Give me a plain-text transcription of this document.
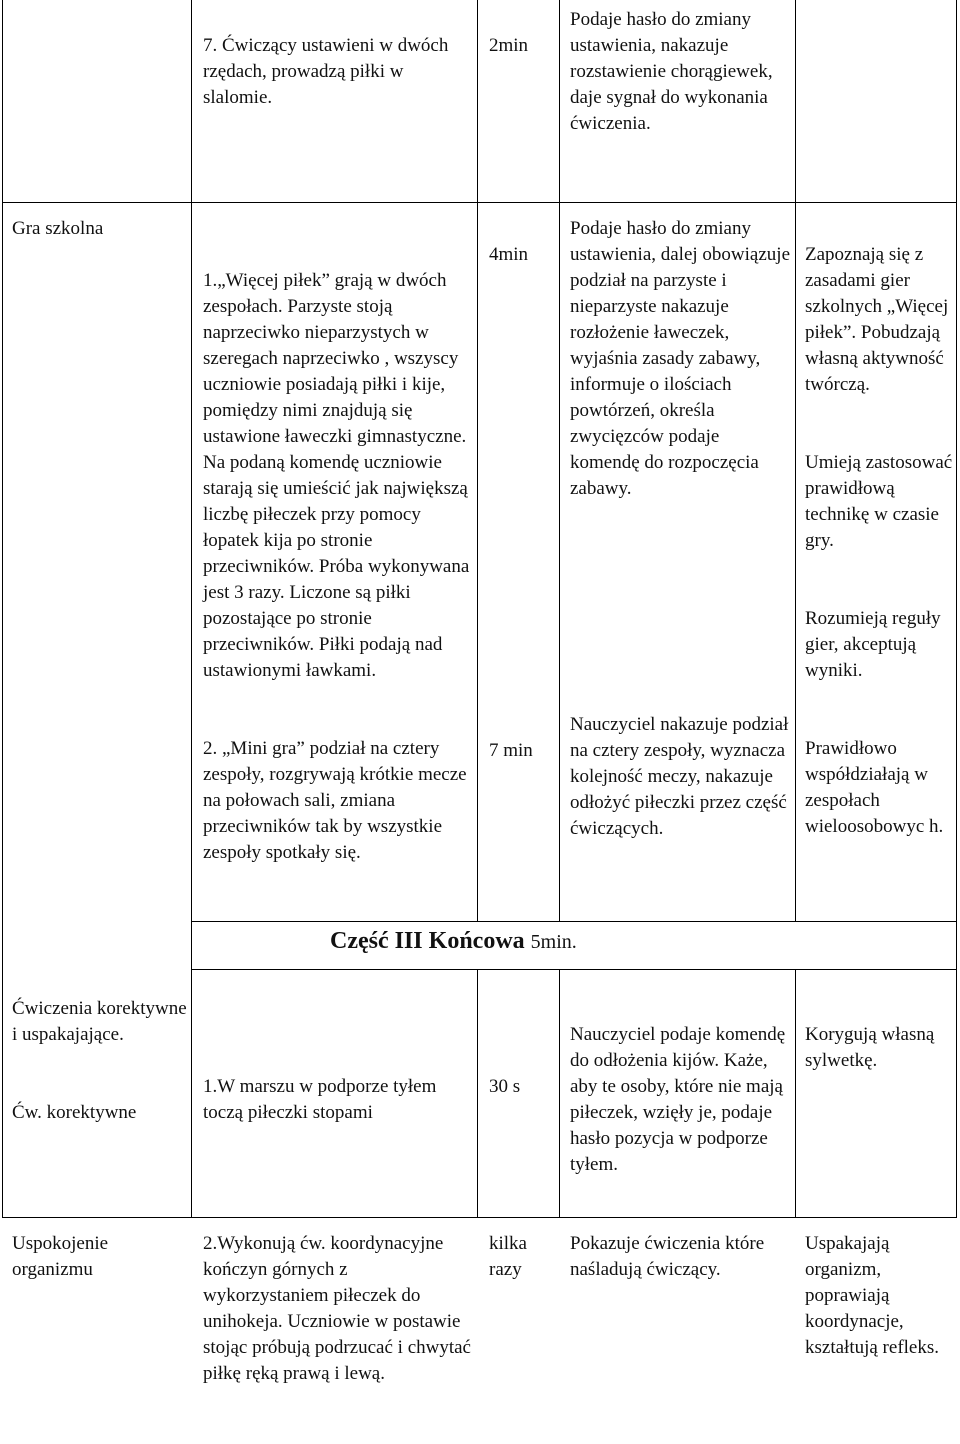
7. Ćwiczący ustawieni w dwóch rzędach, prowadzą piłki w slalomie.

2min

Podaje hasło do zmiany ustawienia, nakazuje rozstawienie chorągiewek, daje sygnał do wykonania ćwiczenia.

Gra szkolna

1.„Więcej piłek” grają w dwóch zespołach. Parzyste stoją naprzeciwko nieparzystych w szeregach naprzeciwko , wszyscy uczniowie posiadają piłki i kije, pomiędzy nimi znajdują się ustawione ławeczki gimnastyczne. Na podaną komendę uczniowie starają się umieścić jak największą liczbę piłeczek przy pomocy łopatek kija po stronie przeciwników. Próba wykonywana jest 3 razy. Liczone są piłki pozostające po stronie przeciwników. Piłki podają nad ustawionymi ławkami.

2. „Mini gra” podział na cztery zespoły, rozgrywają krótkie mecze na połowach sali, zmiana przeciwników tak by wszystkie zespoły spotkały się.

4min

7 min

Podaje hasło do zmiany ustawienia, dalej obowiązuje podział na parzyste i nieparzyste nakazuje rozłożenie ławeczek, wyjaśnia zasady zabawy, informuje o ilościach powtórzeń, określa zwycięzców podaje komendę do rozpoczęcia zabawy.

Nauczyciel nakazuje podział na cztery zespoły, wyznacza kolejność meczy, nakazuje odłożyć piłeczki przez część ćwiczących.

Zapoznają się z zasadami gier szkolnych „Więcej piłek”. Pobudzają własną aktywność twórczą.

Umieją zastosować prawidłową technikę w czasie gry.

Rozumieją reguły gier, akceptują wyniki.

Prawidłowo współdziałają w zespołach wieloosobowyc h.

Część III Końcowa 5min.

Ćwiczenia korektywne i uspakajające.

Ćw. korektywne

1.W marszu w podporze tyłem toczą piłeczki stopami

30 s

Nauczyciel podaje komendę do odłożenia kijów. Każe, aby te osoby, które nie mają piłeczek, wzięły je, podaje hasło pozycja w podporze tyłem.

Korygują własną sylwetkę.

Uspokojenie organizmu

2.Wykonują ćw. koordynacyjne kończyn górnych z wykorzystaniem piłeczek do unihokeja. Uczniowie w postawie stojąc próbują podrzucać i chwytać piłkę ręką prawą i lewą.

kilka razy

Pokazuje ćwiczenia które naśladują ćwiczący.

Uspakajają organizm, poprawiają koordynacje, kształtują refleks.
